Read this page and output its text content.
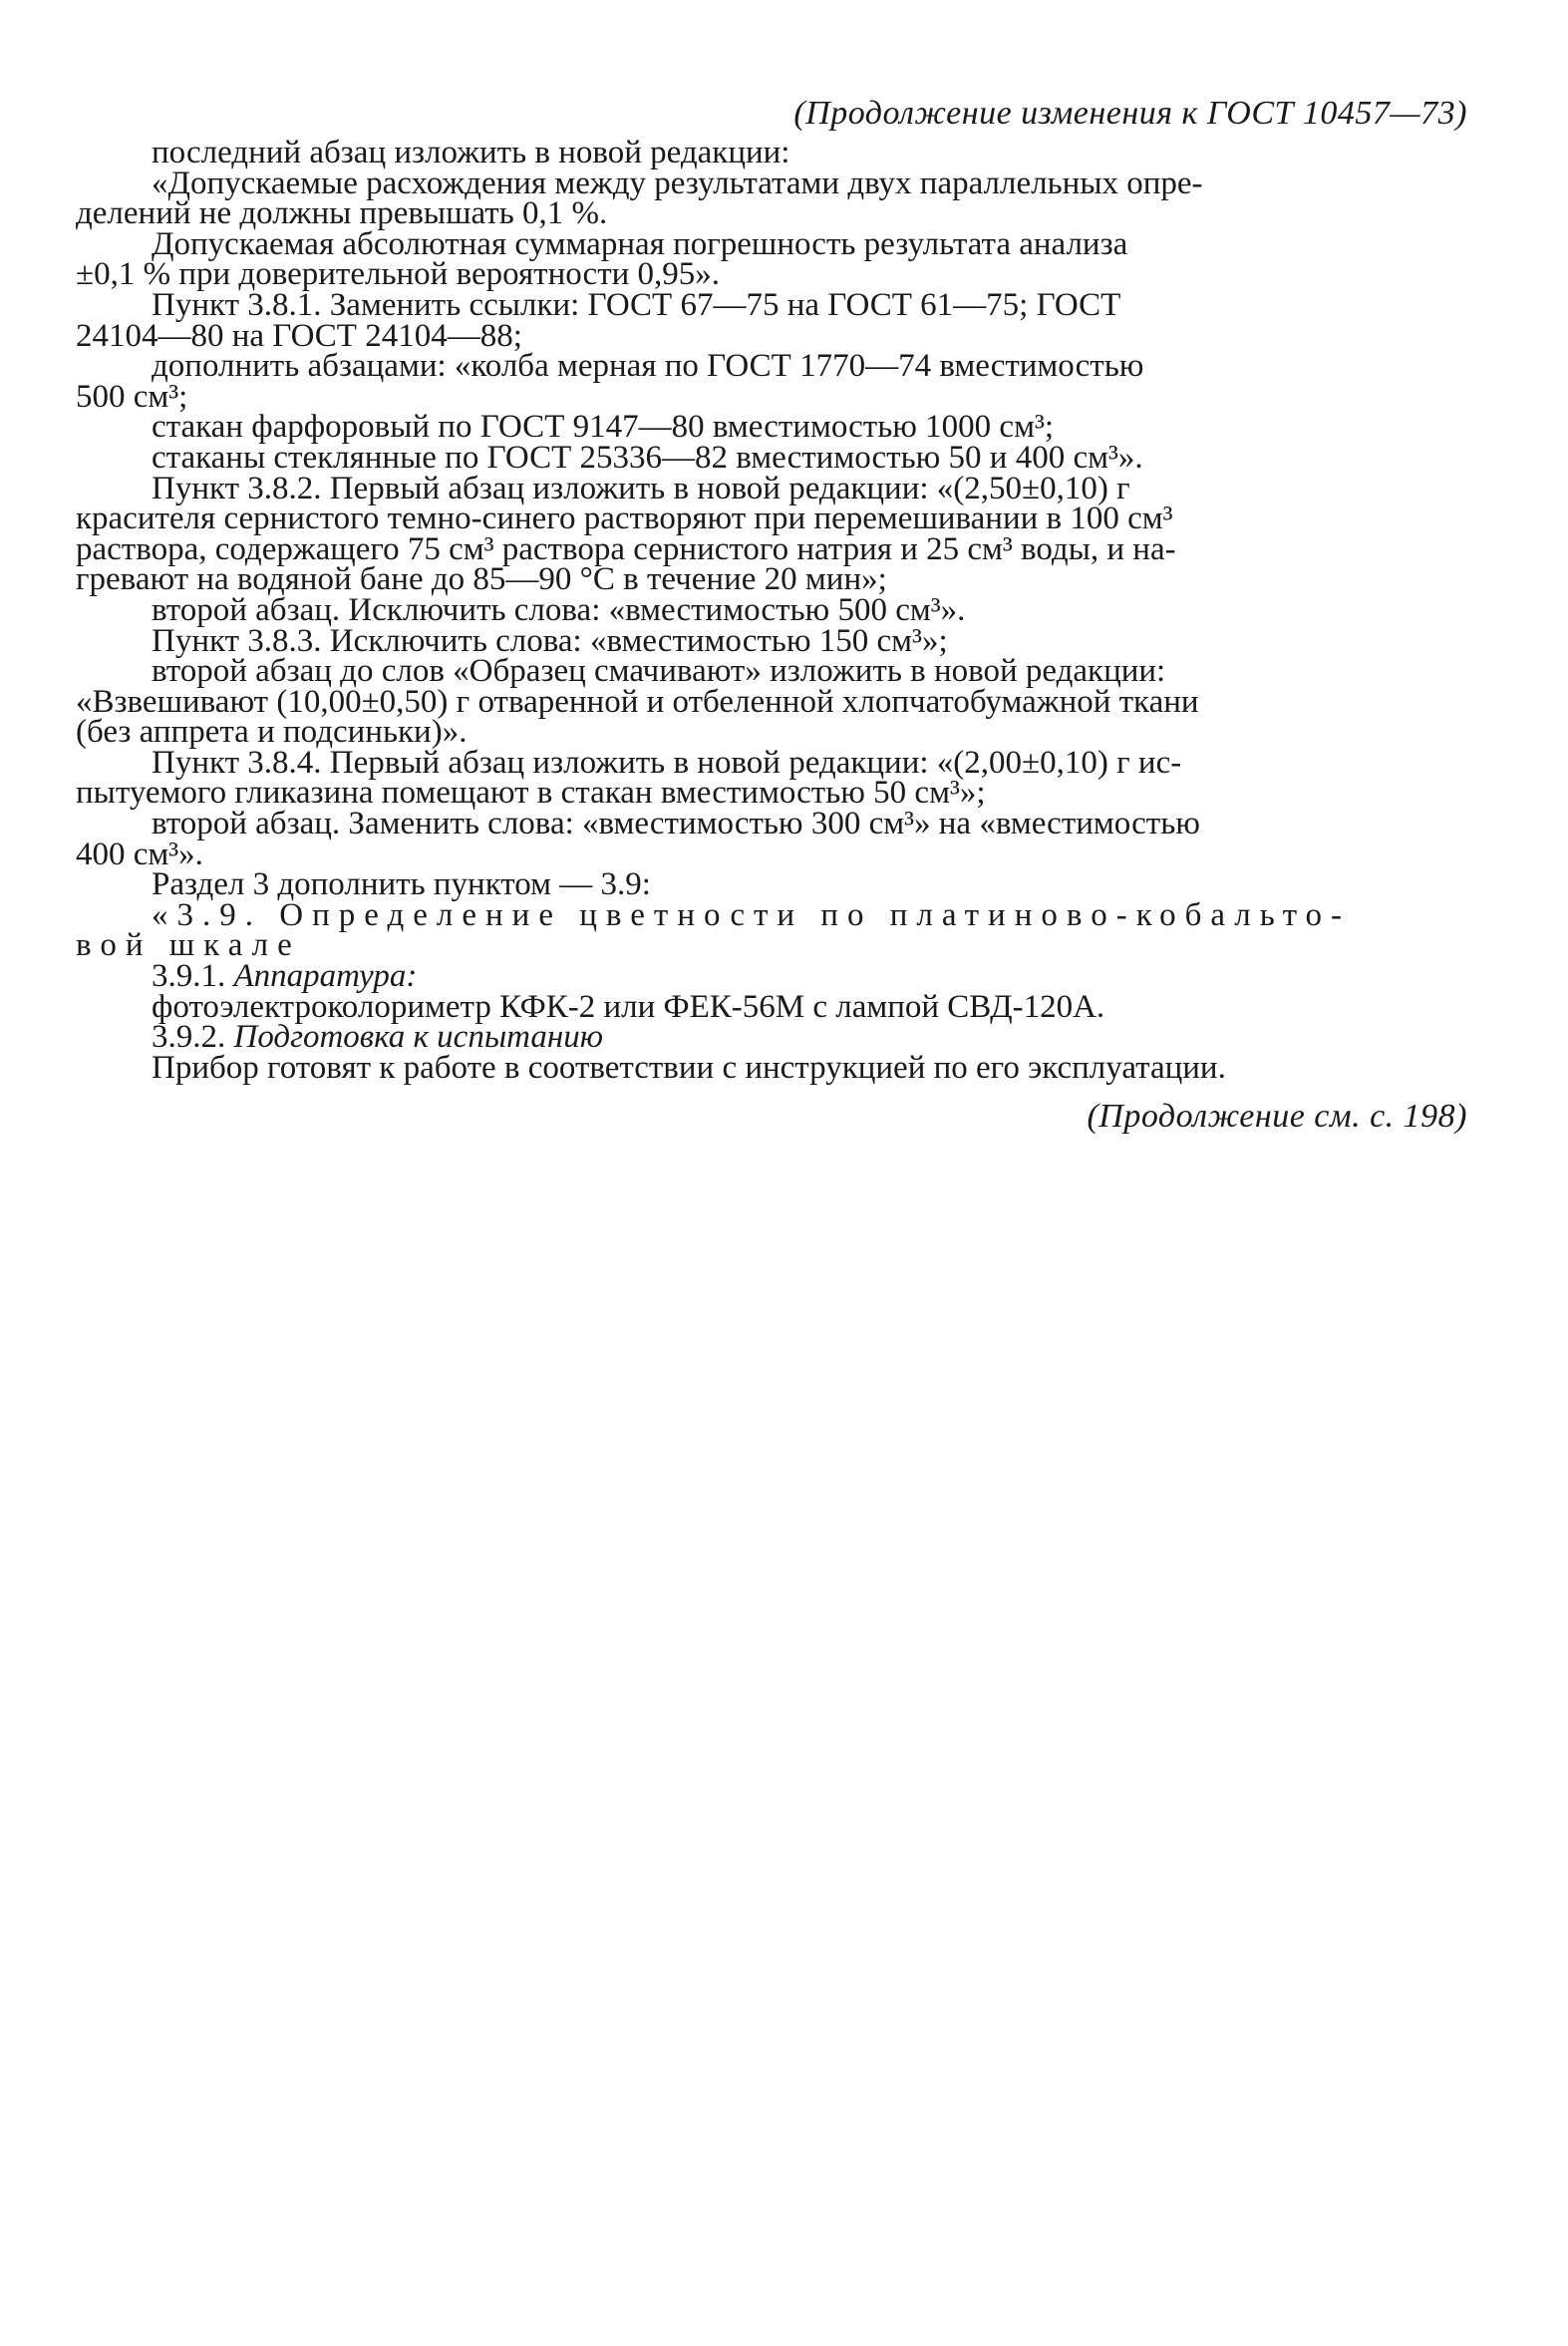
(Продолжение изменения к ГОСТ 10457—73)

последний абзац изложить в новой редакции:
«Допускаемые расхождения между результатами двух параллельных опре-
делений не должны превышать 0,1 %.
Допускаемая абсолютная суммарная погрешность результата анализа
±0,1 % при доверительной вероятности 0,95».
Пункт 3.8.1. Заменить ссылки: ГОСТ 67—75 на ГОСТ 61—75; ГОСТ
24104—80 на ГОСТ 24104—88;
дополнить абзацами: «колба мерная по ГОСТ 1770—74 вместимостью
500 см³;
стакан фарфоровый по ГОСТ 9147—80 вместимостью 1000 см³;
стаканы стеклянные по ГОСТ 25336—82 вместимостью 50 и 400 см³».
Пункт 3.8.2. Первый абзац изложить в новой редакции: «(2,50±0,10) г
красителя сернистого темно-синего растворяют при перемешивании в 100 см³
раствора, содержащего 75 см³ раствора сернистого натрия и 25 см³ воды, и на-
гревают на водяной бане до 85—90 °С в течение 20 мин»;
второй абзац. Исключить слова: «вместимостью 500 см³».
Пункт 3.8.3. Исключить слова: «вместимостью 150 см³»;
второй абзац до слов «Образец смачивают» изложить в новой редакции:
«Взвешивают (10,00±0,50) г отваренной и отбеленной хлопчатобумажной ткани
(без аппрета и подсиньки)».
Пункт 3.8.4. Первый абзац изложить в новой редакции: «(2,00±0,10) г ис-
пытуемого гликазина помещают в стакан вместимостью 50 см³»;
второй абзац. Заменить слова: «вместимостью 300 см³» на «вместимостью
400 см³».
Раздел 3 дополнить пунктом — 3.9:
«3.9. Определение цветности по платиново-кобальто-
вой шкале
3.9.1. Аппаратура:
фотоэлектроколориметр КФК-2 или ФЕК-56М с лампой СВД-120А.
3.9.2. Подготовка к испытанию
Прибор готовят к работе в соответствии с инструкцией по его эксплуатации.

(Продолжение см. с. 198)
